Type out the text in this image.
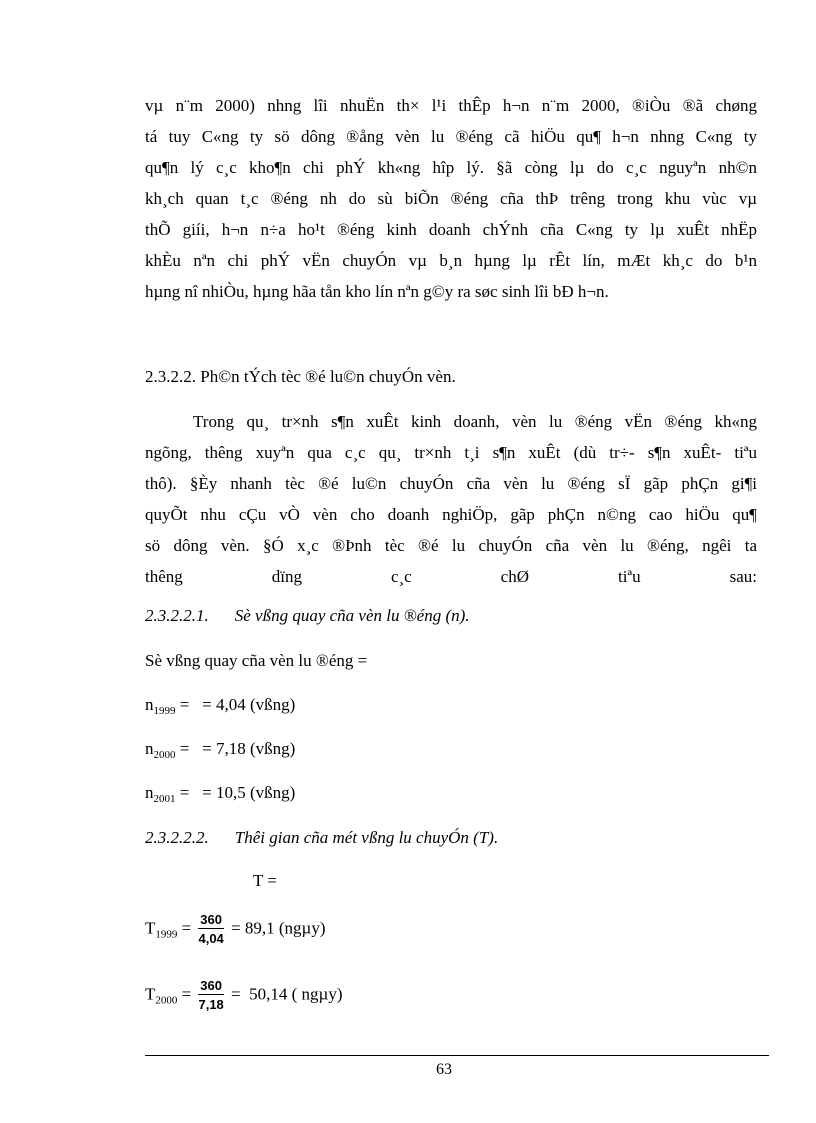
vµ n¨m 2000) nhng lîi nhuËn th× l¹i thÊp h¬n n¨m 2000, ®iÒu ®ã chøng
tá tuy C«ng ty sö dông ®ång vèn lu ®éng cã hiÖu qu¶ h¬n nhng C«ng ty
qu¶n lý c¸c kho¶n chi phÝ kh«ng hîp lý. §ã còng lµ do c¸c nguyªn nh©n
kh¸ch quan t¸c ®éng nh do sù biÕn ®éng cña thÞ trêng trong khu vùc vµ
thÕ giíi, h¬n n÷a ho¹t ®éng kinh doanh chÝnh cña C«ng ty lµ xuÊt nhËp
khÈu nªn chi phÝ vËn chuyÓn vµ b¸n hµng lµ rÊt lín, mÆt kh¸c do b¹n
hµng nî nhiÒu, hµng hãa tån kho lín nªn g©y ra søc sinh lîi bÐ h¬n.
2.3.2.2. Ph©n tÝch tèc ®é lu©n chuyÓn vèn.
Trong qu¸ tr×nh s¶n xuÊt kinh doanh, vèn lu ®éng vËn ®éng kh«ng
ngõng, thêng xuyªn qua c¸c qu¸ tr×nh t¸i s¶n xuÊt (dù tr÷- s¶n xuÊt- tiªu
thô). §Èy nhanh tèc ®é lu©n chuyÓn cña vèn lu ®éng sÏ gãp phÇn gi¶i
quyÕt nhu cÇu vÒ vèn cho doanh nghiÖp, gãp phÇn n©ng cao hiÖu qu¶
sö dông vèn. §Ó x¸c ®Þnh tèc ®é lu chuyÓn cña vèn lu ®éng, ngêi ta
thêng dïng c¸c chØ tiªu sau:
2.3.2.2.1. Sè vßng quay cña vèn lu ®éng (n).
Sè vßng quay cña vèn lu ®éng =
$n_{1999}$ =   = 4,04 (vßng)
$n_{2000}$ =   = 7,18 (vßng)
$n_{2001}$ =   = 10,5 (vßng)
2.3.2.2.2. Thêi gian cña mét vßng lu chuyÓn (T).
T =
$T_{1999} = \frac{360}{4,04} = 89,1$ (ngµy)
$T_{2000} = \frac{360}{7,18} = 50,14$ ( ngµy)
63
